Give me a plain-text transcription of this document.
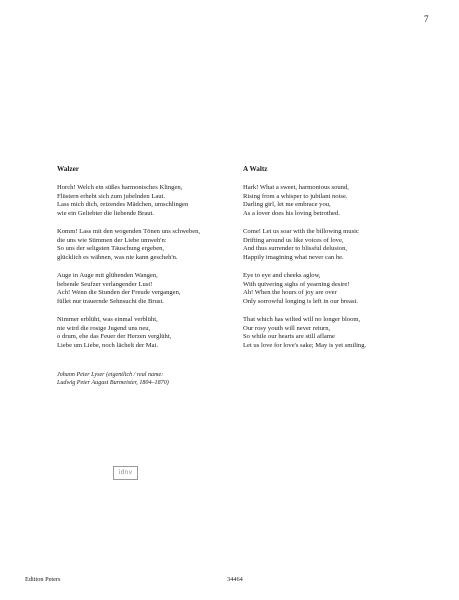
7
Walzer
Horch! Welch ein süßes harmonisches Klingen,
Flüstern erhebt sich zum jubelnden Laut.
Lass mich dich, reizendes Mädchen, umschlingen
wie ein Geliebter die liebende Braut.
Komm! Lass mit den wogenden Tönen uns schweben,
die uns wie Stimmen der Liebe umweh'n:
So uns der seligsten Täuschung ergeben,
glücklich es wähnen, was nie kann gescheh'n.
Auge in Auge mit glühenden Wangen,
bebende Seufzer verlangender Lust!
Ach! Wenn die Stunden der Freude vergangen,
füllet nur trauernde Sehnsucht die Brust.
Nimmer erblüht, was einmal verblüht,
nie wird die rosige Jugend uns neu,
o drum, ehe das Feuer der Herzen verglüht,
Liebe um Liebe, noch lächelt der Mai.
Johann Peter Lyser (eigentlich / real name:
Ludwig Peter August Burmeister, 1804–1870)
A Waltz
Hark! What a sweet, harmonious sound,
Rising from a whisper to jubilant noise.
Darling girl, let me embrace you,
As a lover does his loving betrothed.
Come! Let us soar with the billowing music
Drifting around us like voices of love,
And thus surrender to blissful delusion,
Happily imagining what never can be.
Eye to eye and cheeks aglow,
With quivering sighs of yearning desire!
Ah! When the hours of joy are over
Only sorrowful longing is left in our breast.
That which has wilted will no longer bloom,
Our rosy youth will never return,
So while our hearts are still aflame
Let us love for love's sake; May is yet smiling.
idnv
Edition Peters	34464
